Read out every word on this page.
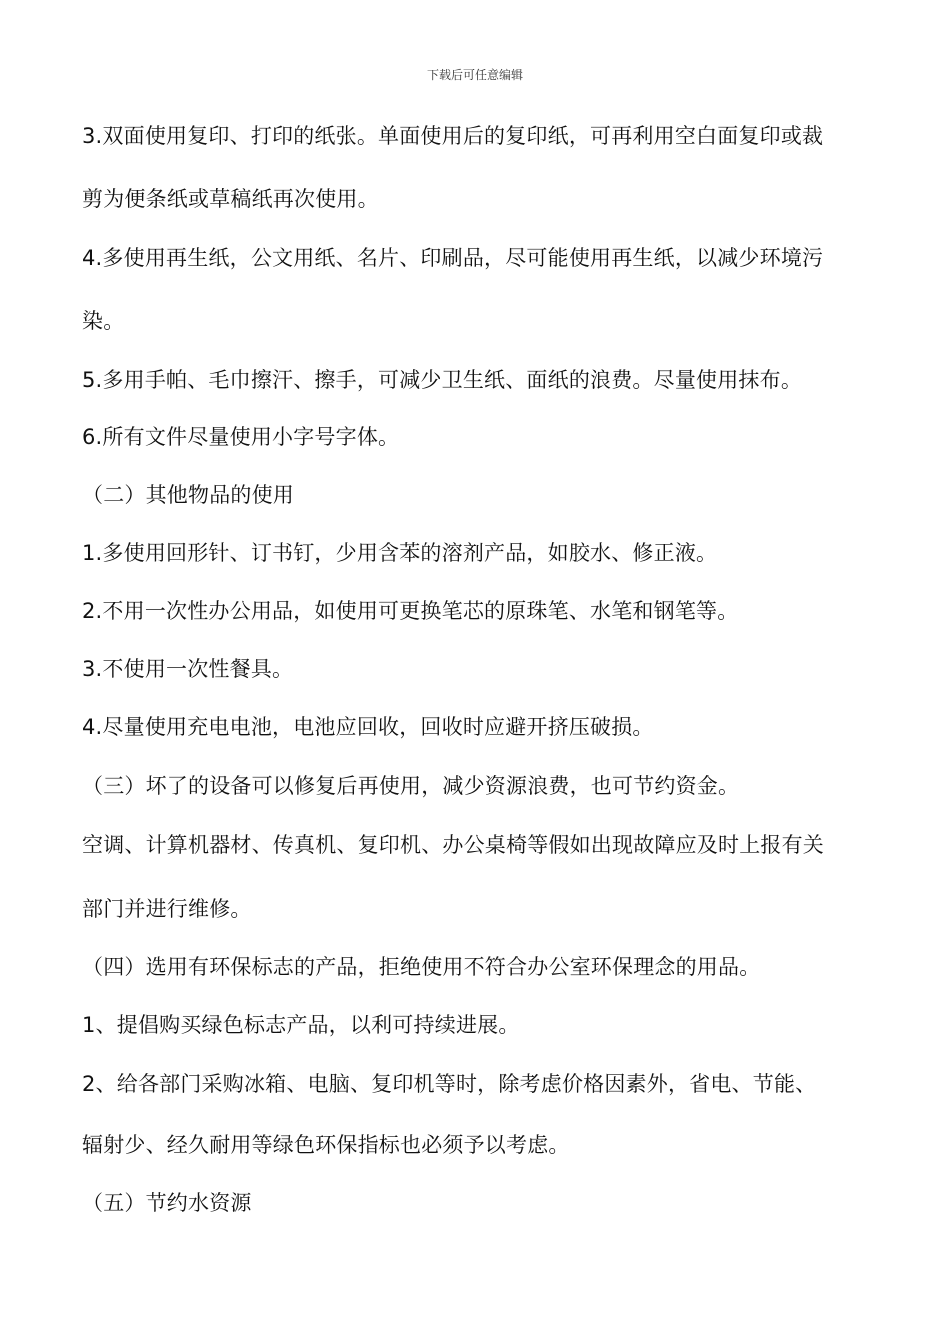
下载后可任意编辑
3.双面使用复印、打印的纸张。单面使用后的复印纸，可再利用空白面复印或裁
剪为便条纸或草稿纸再次使用。
4.多使用再生纸，公文用纸、名片、印刷品，尽可能使用再生纸，以减少环境污
染。
5.多用手帕、毛巾擦汗、擦手，可减少卫生纸、面纸的浪费。尽量使用抹布。
6.所有文件尽量使用小字号字体。
（二）其他物品的使用
1.多使用回形针、订书钉，少用含苯的溶剂产品，如胶水、修正液。
2.不用一次性办公用品，如使用可更换笔芯的原珠笔、水笔和钢笔等。
3.不使用一次性餐具。
4.尽量使用充电电池，电池应回收，回收时应避开挤压破损。
（三）坏了的设备可以修复后再使用，减少资源浪费，也可节约资金。
空调、计算机器材、传真机、复印机、办公桌椅等假如出现故障应及时上报有关
部门并进行维修。
（四）选用有环保标志的产品，拒绝使用不符合办公室环保理念的用品。
1、提倡购买绿色标志产品，以利可持续进展。
2、给各部门采购冰箱、电脑、复印机等时，除考虑价格因素外，省电、节能、
辐射少、经久耐用等绿色环保指标也必须予以考虑。
（五）节约水资源
